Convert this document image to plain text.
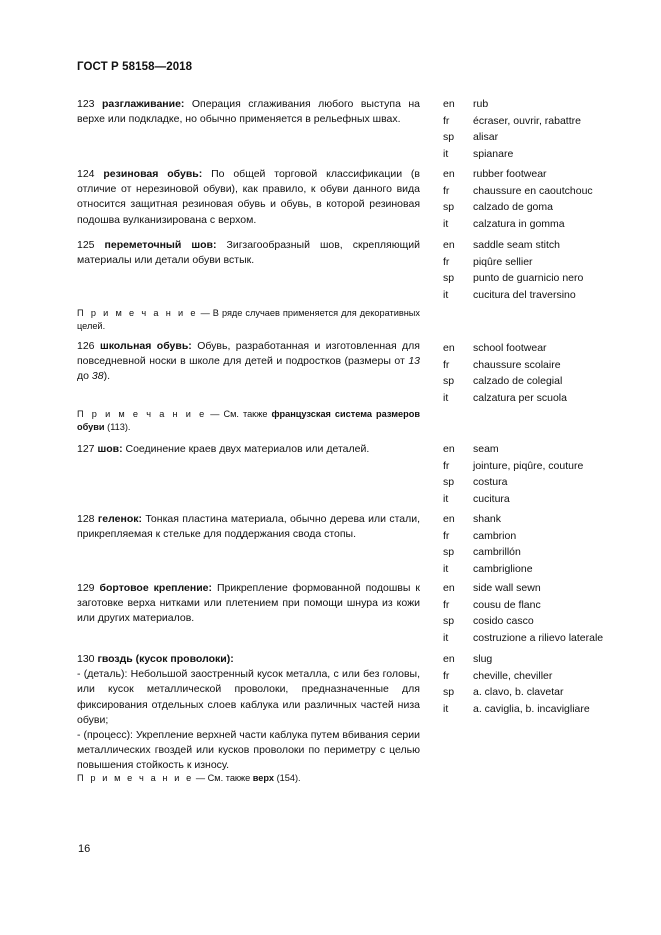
ГОСТ Р 58158—2018

123 разглаживание: Операция сглаживания любого выступа на верхе или подкладке, но обычно применяется в рельефных швах.

en	rub
fr	écraser, ouvrir, rabattre
sp	alisar
it	spianare

124 резиновая обувь: По общей торговой классификации (в отличие от нерезиновой обуви), как правило, к обуви данного вида относится защитная резиновая обувь и обувь, в которой резиновая подошва вулканизирована с верхом.

en	rubber footwear
fr	chaussure en caoutchouc
sp	calzado de goma
it	calzatura in gomma

125 переметочный шов: Зигзагообразный шов, скрепляющий материалы или детали обуви встык.

en	saddle seam stitch
fr	piqûre sellier
sp	punto de guarnicio nero
it	cucitura del traversino
П р и м е ч а н и е — В ряде случаев применяется для декоративных целей.

126 школьная обувь: Обувь, разработанная и изготовленная для повседневной носки в школе для детей и подростков (размеры от 13 до 38).

en	school footwear
fr	chaussure scolaire
sp	calzado de colegial
it	calzatura per scuola
П р и м е ч а н и е — См. также французская система размеров обуви (113).

127 шов: Соединение краев двух материалов или деталей.	en	seam
fr	jointure, piqûre, couture
sp	costura
it	cucitura

128 геленок: Тонкая пластина материала, обычно дерева или стали, прикрепляемая к стельке для поддержания свода стопы.

en	shank
fr	cambrion
sp	cambrillón
it	cambriglione

129 бортовое крепление: Прикрепление формованной подошвы к заготовке верха нитками или плетением при помощи шнура из кожи или других материалов.

en	side wall sewn
fr	cousu de flanc
sp	cosido casco
it	costruzione a rilievo laterale

130 гвоздь (кусок проволоки):

- (деталь): Небольшой заостренный кусок металла, с или без головы, или кусок металлической проволоки, предназначенные для фиксирования отдельных слоев каблука или различных частей низа обуви;

- (процесс): Укрепление верхней части каблука путем вбивания серии металлических гвоздей или кусков проволоки по периметру с целью повышения стойкость к износу.

en	slug
fr	cheville, cheviller
sp	a. clavo, b. clavetar
it	a. caviglia, b. incavigliare
П р и м е ч а н и е — См. также верх (154).
16
